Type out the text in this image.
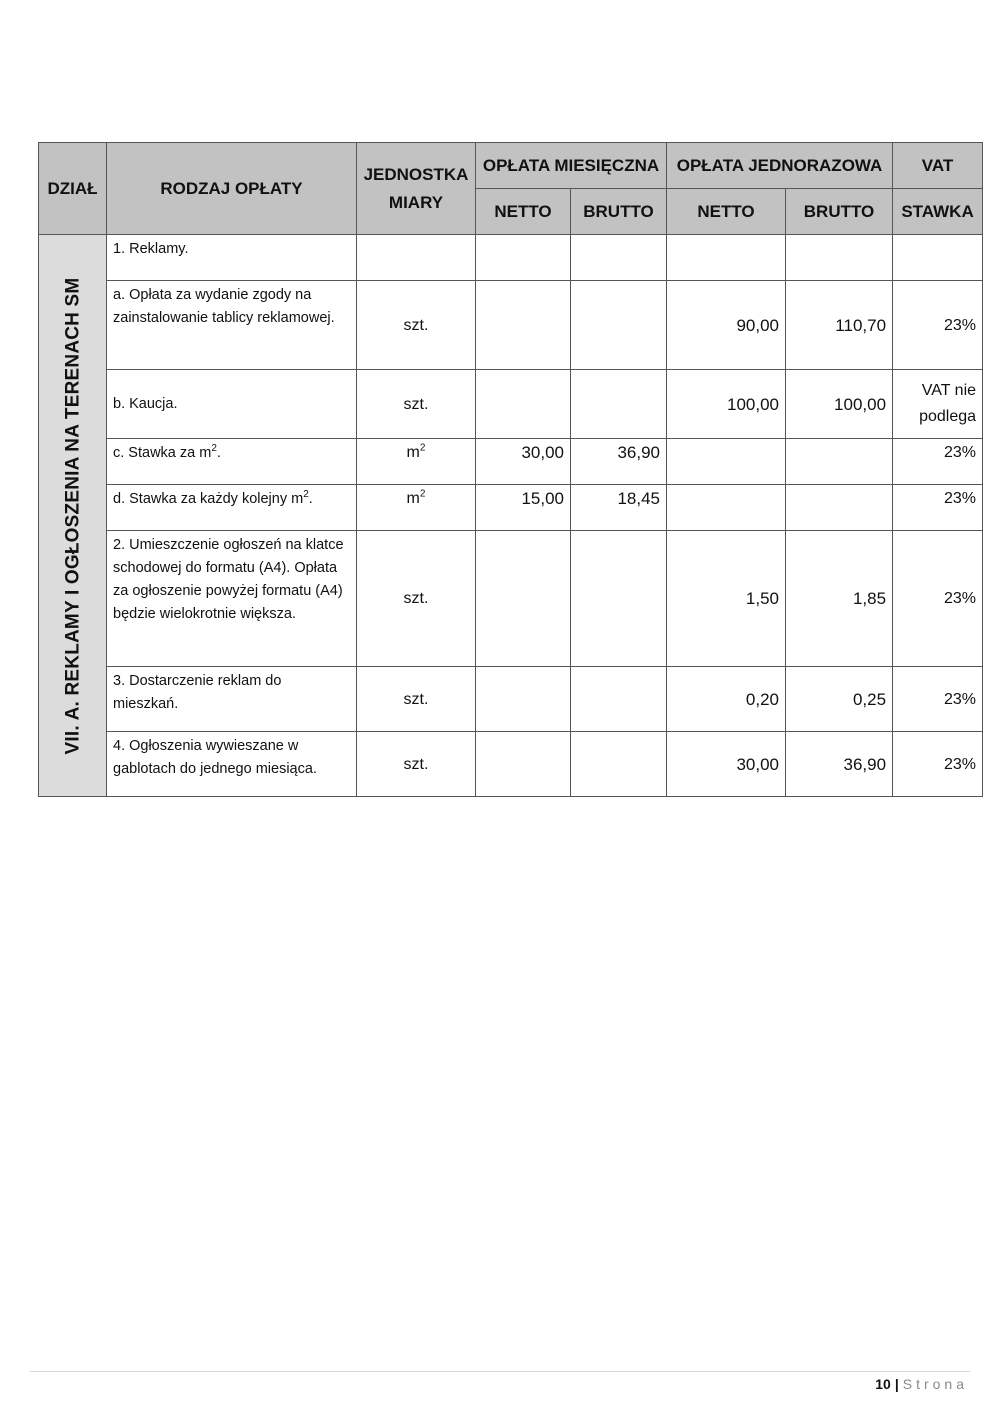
DZIAŁ	RODZAJ OPŁATY	JEDNOSTKA MIARY	OPŁATA MIESIĘCZNA		OPŁATA JEDNORAZOWA		VAT
			NETTO	BRUTTO	NETTO	BRUTTO	STAWKA

VII. A. REKLAMY I OGŁOSZENIA NA TERENACH SM	1. Reklamy.						
	a. Opłata za wydanie zgody na zainstalowanie tablicy reklamowej.	szt.			90,00	110,70	23%
	b. Kaucja.	szt.			100,00	100,00	VAT nie podlega
	c. Stawka za $m^2$.	$m^2$	30,00	36,90			23%
	d. Stawka za każdy kolejny $m^2$.	$m^2$	15,00	18,45			23%
	2. Umieszczenie ogłoszeń na klatce schodowej do formatu (A4). Opłata za ogłoszenie powyżej formatu (A4) będzie wielokrotnie większa.	szt.			1,50	1,85	23%
	3. Dostarczenie reklam do mieszkań.	szt.			0,20	0,25	23%
	4. Ogłoszenia wywieszane w gablotach do jednego miesiąca.	szt.			30,00	36,90	23%
10 | Strona
